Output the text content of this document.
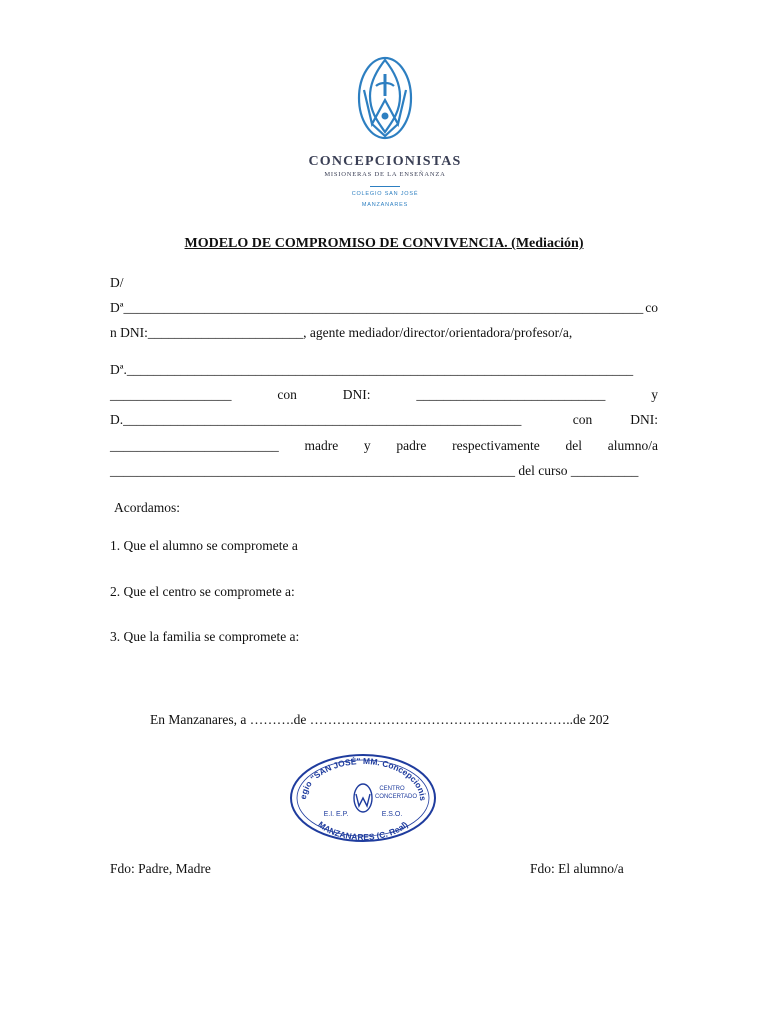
CONCEPCIONISTAS
MISIONERAS DE LA ENSEÑANZA
COLEGIO SAN JOSÉ
MANZANARES
MODELO DE COMPROMISO DE CONVIVENCIA. (Mediación)
D/
Dª_____________________________________________________________________________ co
n DNI:_______________________, agente mediador/director/orientadora/profesor/a,
Dª.___________________________________________________________________________
__________________	con	DNI:	____________________________	y
D.___________________________________________________________	con	DNI:
_________________________ madre y padre respectivamente del alumno/a
____________________________________________________________ del curso __________
Acordamos:
1. Que el alumno se compromete a
2. Que el centro se compromete a:
3. Que la familia se compromete a:
En Manzanares, a ……….de …………………………………………………..de 202
egio "SAN JOSÉ" MM. Concepcionis
MANZANARES (C. Real)
CENTRO
CONCERTADO
E.I. E.P.	E.S.O.
Fdo: Padre, Madre	Fdo: El alumno/a
